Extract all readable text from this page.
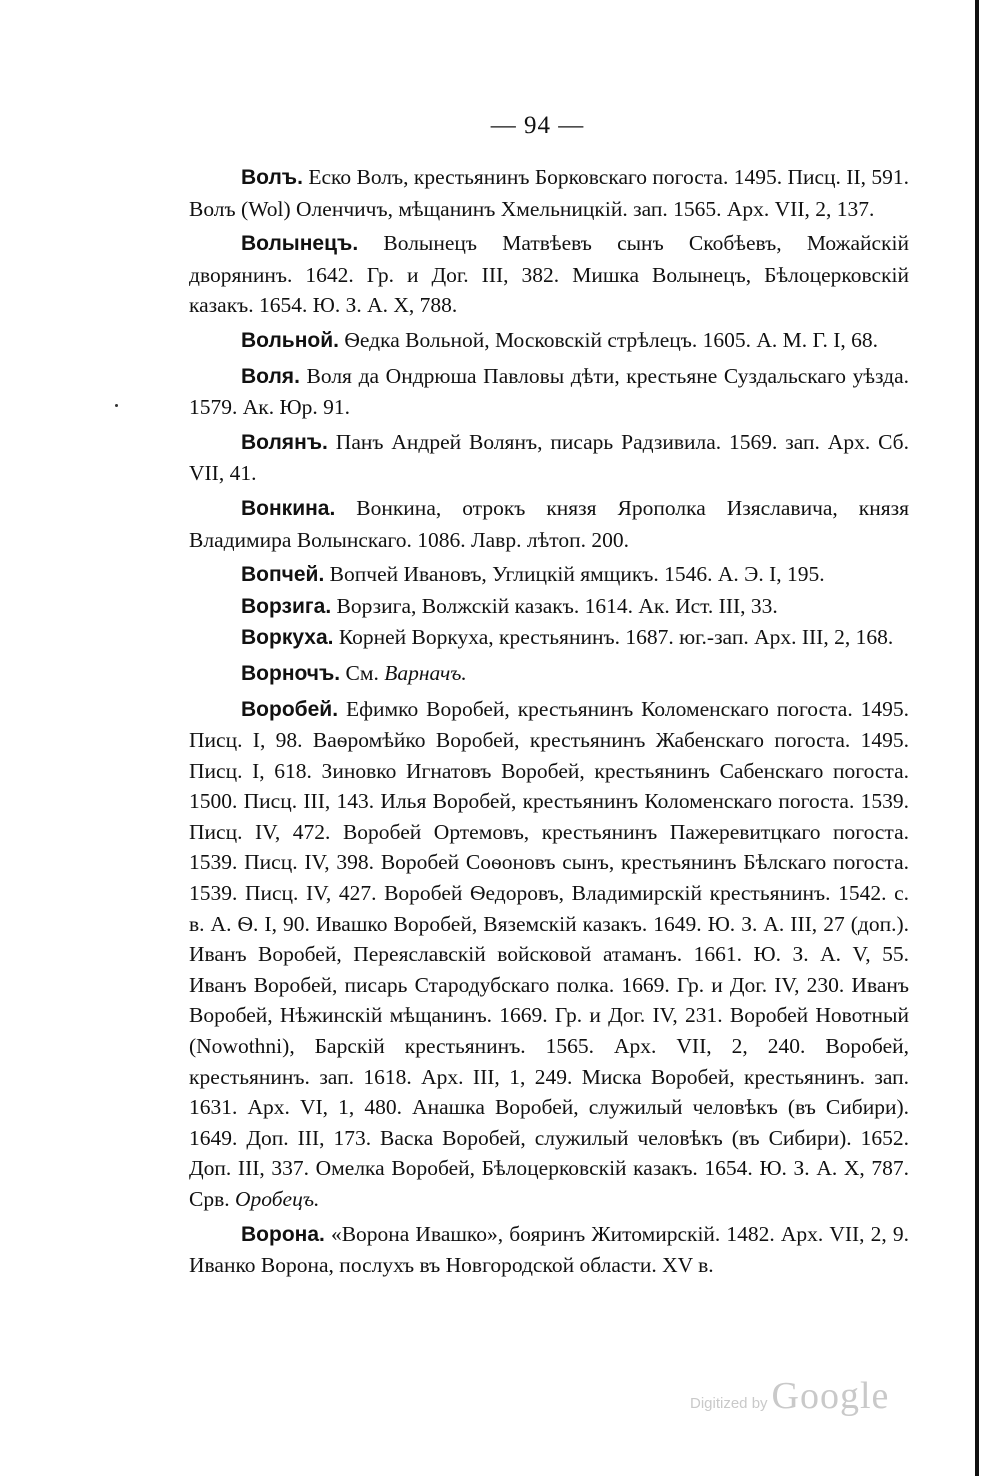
— 94 —

Волъ. Еско Волъ, крестьянинъ Борковскаго погоста. 1495. Писц. II, 591. Волъ (Wol) Оленчичъ, мѣщанинъ Хмельницкій. зап. 1565. Арх. VII, 2, 137.

Волынецъ. Волынецъ Матвѣевъ сынъ Скобѣевъ, Можайскій дворянинъ. 1642. Гр. и Дог. III, 382. Мишка Волынецъ, Бѣлоцерковскій казакъ. 1654. Ю. З. А. X, 788.

Вольной. Ѳедка Вольной, Московскій стрѣлецъ. 1605. А. М. Г. I, 68.

Воля. Воля да Ондрюша Павловы дѣти, крестьяне Суздальскаго уѣзда. 1579. Ак. Юр. 91.

Волянъ. Панъ Андрей Волянъ, писарь Радзивила. 1569. зап. Арх. Сб. VII, 41.

Вонкина. Вонкина, отрокъ князя Ярополка Изяславича, князя Владимира Волынскаго. 1086. Лавр. лѣтоп. 200.

Вопчей. Вопчей Ивановъ, Углицкій ямщикъ. 1546. А. Э. I, 195.

Ворзига. Ворзига, Волжскій казакъ. 1614. Ак. Ист. III, 33.

Воркуха. Корней Воркуха, крестьянинъ. 1687. юг.-зап. Арх. III, 2, 168.

Ворночъ. См. Варначъ.

Воробей. Ефимко Воробей, крестьянинъ Коломенскаго погоста. 1495. Писц. I, 98. Ваѳромѣйко Воробей, крестьянинъ Жабенскаго погоста. 1495. Писц. I, 618. Зиновко Игнатовъ Воробей, крестьянинъ Сабенскаго погоста. 1500. Писц. III, 143. Илья Воробей, крестьянинъ Коломенскаго погоста. 1539. Писц. IV, 472. Воробей Ортемовъ, крестьянинъ Пажеревитцкаго погоста. 1539. Писц. IV, 398. Воробей Соѳоновъ сынъ, крестьянинъ Бѣлскаго погоста. 1539. Писц. IV, 427. Воробей Ѳедоровъ, Владимирскій крестьянинъ. 1542. с. в. А. Ѳ. I, 90. Ивашко Воробей, Вяземскій казакъ. 1649. Ю. З. А. III, 27 (доп.). Иванъ Воробей, Переяславскій войсковой атаманъ. 1661. Ю. З. А. V, 55. Иванъ Воробей, писарь Стародубскаго полка. 1669. Гр. и Дог. IV, 230. Иванъ Воробей, Нѣжинскій мѣщанинъ. 1669. Гр. и Дог. IV, 231. Воробей Новотный (Nowothni), Барскій крестьянинъ. 1565. Арх. VII, 2, 240. Воробей, крестьянинъ. зап. 1618. Арх. III, 1, 249. Миска Воробей, крестьянинъ. зап. 1631. Арх. VI, 1, 480. Анашка Воробей, служилый человѣкъ (въ Сибири). 1649. Доп. III, 173. Васка Воробей, служилый человѣкъ (въ Сибири). 1652. Доп. III, 337. Омелка Воробей, Бѣлоцерковскій казакъ. 1654. Ю. З. А. X, 787. Срв. Оробецъ.

Ворона. «Ворона Ивашко», бояринъ Житомирскій. 1482. Арх. VII, 2, 9. Иванко Ворона, послухъ въ Новгородской области. XV в.

Digitized by Google
